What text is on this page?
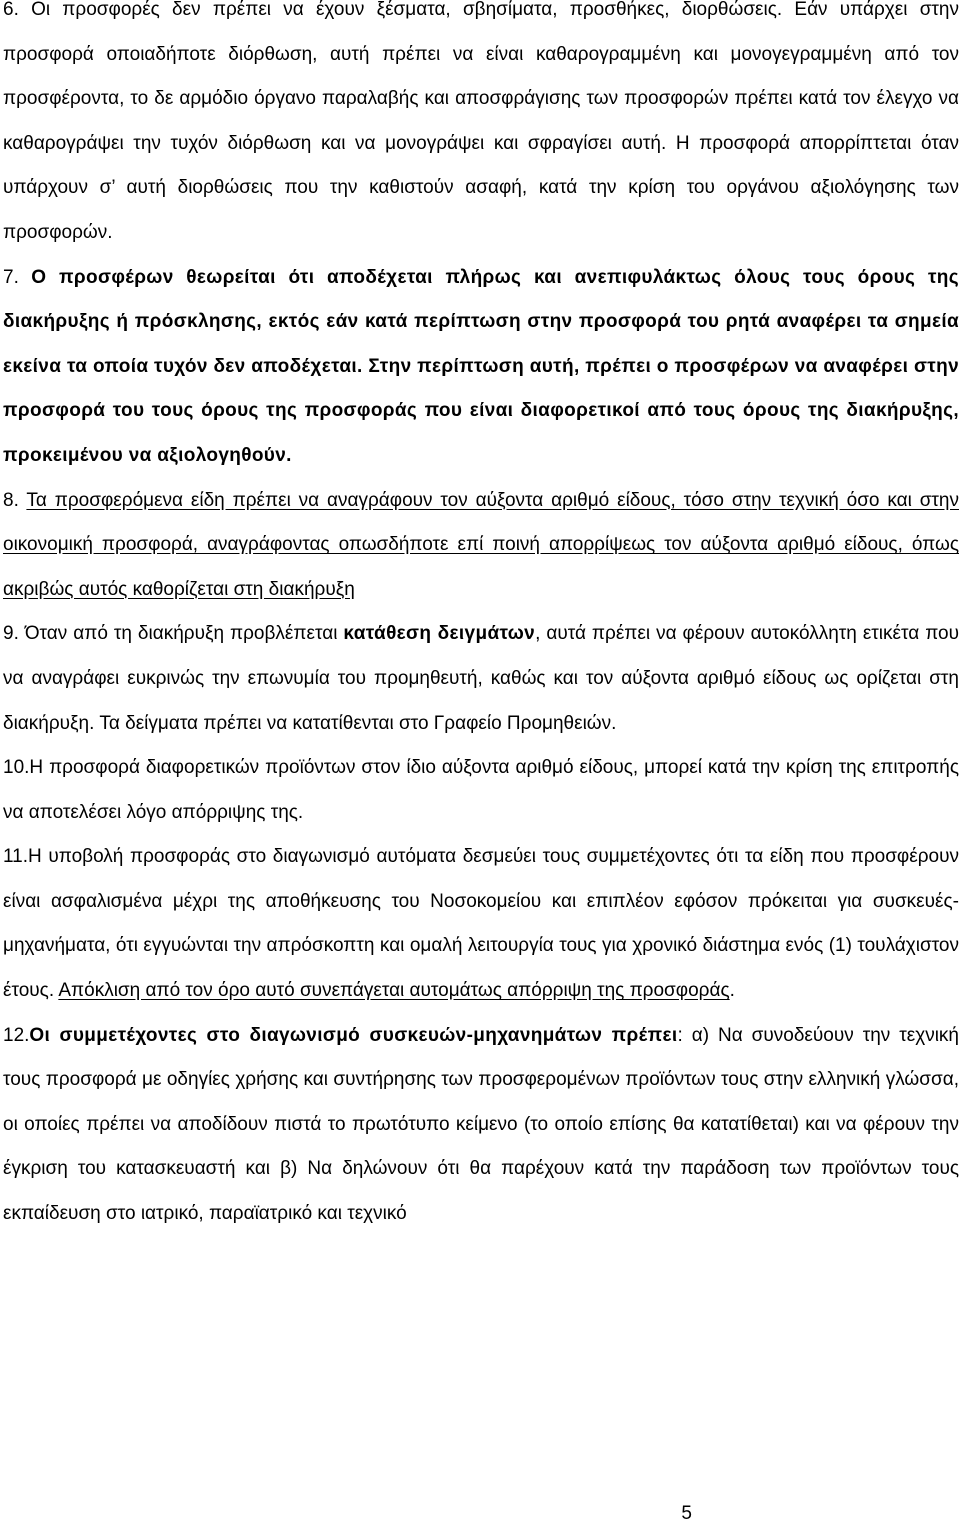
6. Οι προσφορές δεν πρέπει να έχουν ξέσματα, σβησίματα, προσθήκες, διορθώσεις. Εάν υπάρχει στην προσφορά οποιαδήποτε διόρθωση, αυτή πρέπει να είναι καθαρογραμμένη και μονογεγραμμένη από τον προσφέροντα, το δε αρμόδιο όργανο παραλαβής και αποσφράγισης των προσφορών πρέπει κατά τον έλεγχο να καθαρογράψει την τυχόν διόρθωση και να μονογράψει και σφραγίσει αυτή. Η προσφορά απορρίπτεται όταν υπάρχουν σ’ αυτή διορθώσεις που την καθιστούν ασαφή, κατά την κρίση του οργάνου αξιολόγησης των προσφορών.

7. Ο προσφέρων θεωρείται ότι αποδέχεται πλήρως και ανεπιφυλάκτως όλους τους όρους της διακήρυξης ή πρόσκλησης, εκτός εάν κατά περίπτωση στην προσφορά του ρητά αναφέρει τα σημεία εκείνα τα οποία τυχόν δεν αποδέχεται. Στην περίπτωση αυτή, πρέπει ο προσφέρων να αναφέρει στην προσφορά του τους όρους της προσφοράς που είναι διαφορετικοί από τους όρους της διακήρυξης, προκειμένου να αξιολογηθούν.

8. Τα προσφερόμενα είδη πρέπει να αναγράφουν τον αύξοντα αριθμό είδους, τόσο στην τεχνική όσο και στην οικονομική προσφορά, αναγράφοντας οπωσδήποτε επί ποινή απορρίψεως τον αύξοντα αριθμό είδους, όπως ακριβώς αυτός καθορίζεται στη διακήρυξη

9. Όταν από τη διακήρυξη προβλέπεται κατάθεση δειγμάτων, αυτά πρέπει να φέρουν αυτοκόλλητη ετικέτα που να αναγράφει ευκρινώς την επωνυμία του προμηθευτή, καθώς και τον αύξοντα αριθμό είδους ως ορίζεται στη διακήρυξη. Τα δείγματα πρέπει να κατατίθενται στο Γραφείο Προμηθειών.

10.Η προσφορά διαφορετικών προϊόντων στον ίδιο αύξοντα αριθμό είδους, μπορεί κατά την κρίση της επιτροπής να αποτελέσει λόγο απόρριψης της.

11.Η υποβολή προσφοράς στο διαγωνισμό αυτόματα δεσμεύει τους συμμετέχοντες ότι τα είδη που προσφέρουν είναι ασφαλισμένα μέχρι της αποθήκευσης του Νοσοκομείου και επιπλέον εφόσον πρόκειται για συσκευές-μηχανήματα, ότι εγγυώνται την απρόσκοπτη και ομαλή λειτουργία τους για χρονικό διάστημα ενός (1) τουλάχιστον έτους. Απόκλιση από τον όρο αυτό συνεπάγεται αυτομάτως απόρριψη της προσφοράς.

12.Οι συμμετέχοντες στο διαγωνισμό συσκευών-μηχανημάτων πρέπει: α) Να συνοδεύουν την τεχνική τους προσφορά με οδηγίες χρήσης και συντήρησης των προσφερομένων προϊόντων τους στην ελληνική γλώσσα, οι οποίες πρέπει να αποδίδουν πιστά το πρωτότυπο κείμενο (το οποίο επίσης θα κατατίθεται) και να φέρουν την έγκριση του κατασκευαστή και β) Να δηλώνουν ότι θα παρέχουν κατά την παράδοση των προϊόντων τους εκπαίδευση στο ιατρικό, παραϊατρικό και τεχνικό

5
